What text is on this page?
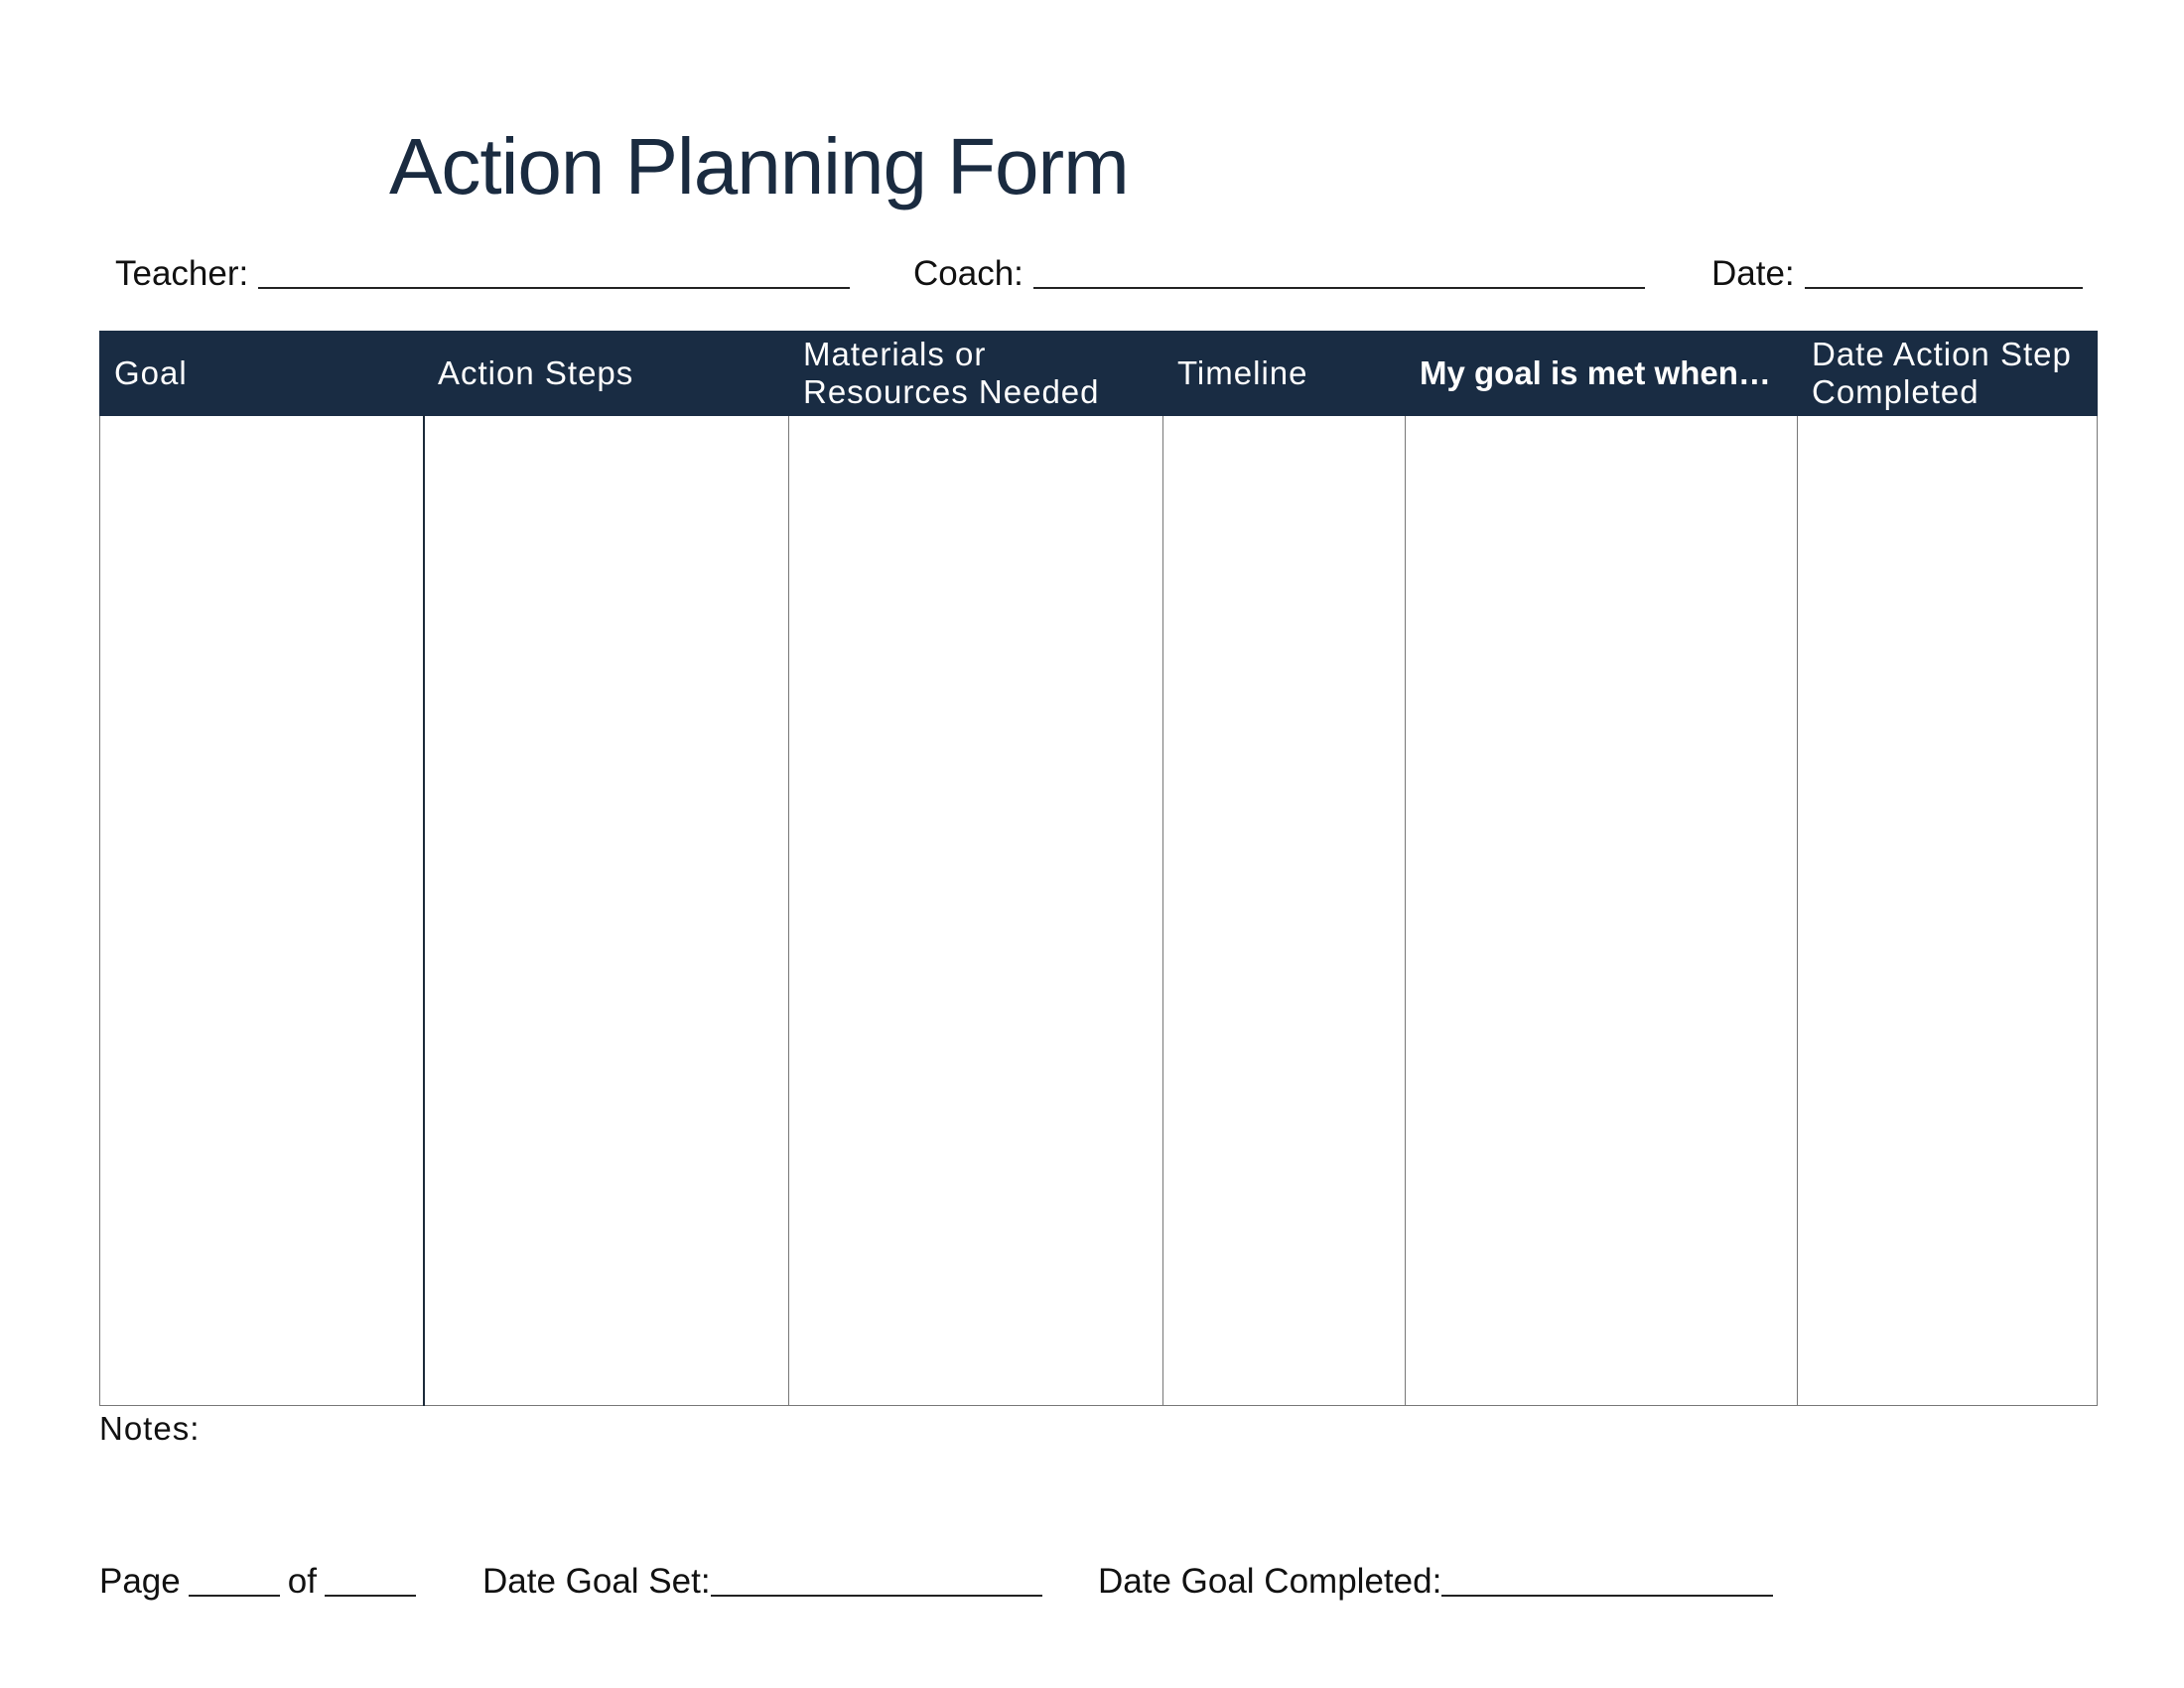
Action Planning Form
Teacher:	Coach:	Date:
Goal	Action Steps	Materials or Resources Needed	Timeline	My goal is met when…	Date Action Step Completed

Notes:
Page	of	Date Goal Set:	Date Goal Completed:
